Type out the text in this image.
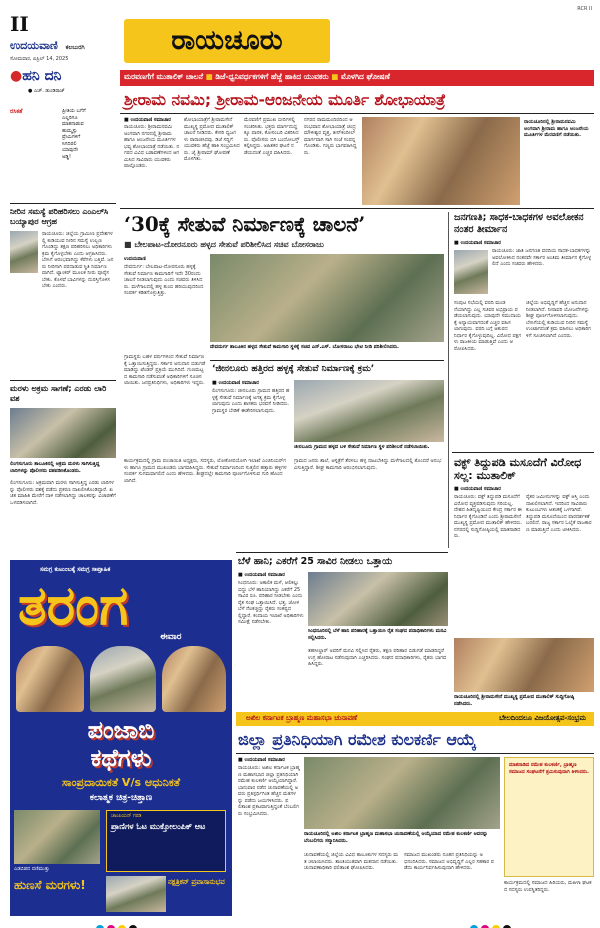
II
ಉದಯವಾಣಿ ಕಲಬುರಗಿ
ಸೋಮವಾರ, ಏಪ್ರಿಲ್ 14, 2025
ರಾಯಚೂರು
RCR II
●ಹನಿ ದನಿ
● ಎಚ್. ಡುಂಡಿರಾಜ್
ರಸಿಕತೆ	ಪ್ರೀತಿಯ ಬಗೆಗೆ
ಎಲ್ಲರಿಗೂ
ಮಾತನಾಡುವ
ಹುಮ್ಮಸ್ಸು
ಪ್ರೇಮಿಗಳಿಗೆ
ಸಿಗದಿರಲಿ
ಯಾವುದೇ
ಅಡ್ಡಿ!
ನೀರಿನ ಸಮಸ್ಯೆ ಪರಿಹರಿಸಲು ಎಂಎಲ್‌ಸಿ ಬಯ್ಯಾಪುರ ಆಗ್ರಹ
ರಾಯಚೂರು: ಜಿಲ್ಲೆಯ ಗ್ರಾಮೀಣ ಪ್ರದೇಶಗಳಲ್ಲಿ ಕುಡಿಯುವ ನೀರಿನ ಸಮಸ್ಯೆ ಉಲ್ಬಣಗೊಂಡಿದ್ದು ತಕ್ಷಣ ಪರಿಹರಿಸಲು ಅಧಿಕಾರಿಗಳು ಕ್ರಮ ಕೈಗೊಳ್ಳಬೇಕು ಎಂದು ಆಗ್ರಹಿಸಿದರು. ಬೇಸಿಗೆ ಆರಂಭವಾಗಿದ್ದು ಕೆರೆಗಳು ಬತ್ತಿವೆ. ಜನರು ನೀರಿಗಾಗಿ ಪರದಾಡುವ ಸ್ಥಿತಿ ನಿರ್ಮಾಣವಾಗಿದೆ. ಟ್ಯಾಂಕರ್ ಮೂಲಕ ನೀರು ಪೂರೈಸಬೇಕು. ಕೊಳವೆ ಬಾವಿಗಳನ್ನು ದುರಸ್ತಿಗೊಳಿಸಬೇಕು ಎಂದರು.
ಮರಳು ಅಕ್ರಮ ಸಾಗಣೆ; ಎರಡು ಲಾರಿ ವಶ
ಲಿಂಗಸುಗೂರು ತಾಲೂಕಿನಲ್ಲಿ ಅಕ್ರಮ ಮರಳು ಸಾಗಿಸುತ್ತಿದ್ದ ಲಾರಿಗಳನ್ನು ಪೊಲೀಸರು ವಶಪಡಿಸಿಕೊಂಡರು.
ಲಿಂಗಸುಗೂರು: ಅಕ್ರಮವಾಗಿ ಮರಳು ಸಾಗಿಸುತ್ತಿದ್ದ ಎರಡು ಲಾರಿಗಳನ್ನು ಪೊಲೀಸರು ವಶಕ್ಕೆ ಪಡೆದು ಪ್ರಕರಣ ದಾಖಲಿಸಿಕೊಂಡಿದ್ದಾರೆ. ಖಚಿತ ಮಾಹಿತಿ ಮೇರೆಗೆ ದಾಳಿ ನಡೆಸಲಾಗಿದ್ದು ಚಾಲಕರನ್ನು ವಿಚಾರಣೆಗೆ ಒಳಪಡಿಸಲಾಗಿದೆ.
ಮರವಣಗೆಗೆ ಮುತಾಲಿಕ್ ಚಾಲನೆ ■ ಡಿಜೆ-ಧ್ವನಿವರ್ಧಕಗಳಿಗೆ ಹೆಜ್ಜೆ ಹಾಕಿದ ಯುವಕರು ■ ಮೊಳಗಿದ ಘೋಷಣೆ
ಶ್ರೀರಾಮ ನವಮಿ; ಶ್ರೀರಾಮ-ಆಂಜನೇಯ ಮೂರ್ತಿ ಶೋಭಾಯಾತ್ರೆ
■ ಉದಯವಾಣಿ ಸಮಾಚಾರ
ರಾಯಚೂರು: ಶ್ರೀರಾಮನವಮಿ ಅಂಗವಾಗಿ ನಗರದಲ್ಲಿ ಶ್ರೀರಾಮ ಹಾಗೂ ಆಂಜನೇಯ ಮೂರ್ತಿಗಳ ಭವ್ಯ ಶೋಭಾಯಾತ್ರೆ ನಡೆಯಿತು. ನಗರದ ವಿವಿಧ ಬಡಾವಣೆಗಳಿಂದ ಆಗಮಿಸಿದ ಸಾವಿರಾರು ಯುವಕರು ಪಾಲ್ಗೊಂಡರು.
ಶೋಭಾಯಾತ್ರೆಗೆ ಶ್ರೀರಾಮಸೇನೆ ಮುಖ್ಯಸ್ಥ ಪ್ರಮೋದ ಮುತಾಲಿಕ್ ಚಾಲನೆ ನೀಡಿದರು. ಕೇಸರಿ ಧ್ವಜಗಳು ರಾರಾಜಿಸಿದವು. ಡಿಜೆ ಸದ್ದಿಗೆ ಯುವಕರು ಹೆಜ್ಜೆ ಹಾಕಿ ಸಂಭ್ರಮಿಸಿದರು. ಜೈ ಶ್ರೀರಾಮ್ ಘೋಷಣೆ ಮೊಳಗಿತು.
ಮೆರವಣಿಗೆ ಪ್ರಮುಖ ಬೀದಿಗಳಲ್ಲಿ ಸಂಚರಿಸಿತು. ಭಕ್ತರು ಮಾರ್ಗದುದ್ದಕ್ಕೂ ಪಾನಕ, ಕೋಸಂಬರಿ ವಿತರಿಸಿದರು. ಪೊಲೀಸರು ಬಿಗಿ ಬಂದೋಬಸ್ತ್ ಕಲ್ಪಿಸಿದ್ದರು. ಅಹಿತಕರ ಘಟನೆ ನಡೆಯದಂತೆ ಎಚ್ಚರ ವಹಿಸಿದರು.
ನಗರದ ರಾಮಮಂದಿರದಿಂದ ಆರಂಭವಾದ ಶೋಭಾಯಾತ್ರೆ ಚಂದ್ರಮೌಳೀಶ್ವರ ವೃತ್ತ, ತೀನ್‌ಕಂದೀಲ್ ಮಾರ್ಗವಾಗಿ ಸಾಗಿ ಸಂಜೆ ಸಂಪನ್ನಗೊಂಡಿತು. ಗಣ್ಯರು ಭಾಗವಹಿಸಿದ್ದರು.
ರಾಯಚೂರಿನಲ್ಲಿ ಶ್ರೀರಾಮನವಮಿ ಅಂಗವಾಗಿ ಶ್ರೀರಾಮ ಹಾಗೂ ಆಂಜನೇಯ ಮೂರ್ತಿಗಳ ಮೆರವಣಿಗೆ ನಡೆಯಿತು.
‘30ಕ್ಕೆ ಸೇತುವೆ ನಿರ್ಮಾಣಕ್ಕೆ ಚಾಲನೆ’
■ ಬೇಲಪಾಟ-ದೋರನೂರು ಹಳ್ಳದ ಸೇತುವೆ ಪರಿಶೀಲಿಸಿದ ಸಚಿವ ಬೋಸರಾಜು
ಉದಯವಾಣಿ
ದೇವದುರ್ಗ: ಬೇಲಪಾಟ-ದೋರನೂರು ಹಳ್ಳಕ್ಕೆ ಸೇತುವೆ ನಿರ್ಮಾಣ ಕಾಮಗಾರಿಗೆ ಇದೇ 30ರಂದು ಚಾಲನೆ ನೀಡಲಾಗುವುದು ಎಂದು ಸಚಿವರು ತಿಳಿಸಿದರು. ಮಳೆಗಾಲದಲ್ಲಿ ಹಳ್ಳ ತುಂಬಿ ಹರಿಯುವುದರಿಂದ ಸಂಪರ್ಕ ಕಡಿತಗೊಳ್ಳುತ್ತಿತ್ತು.
ದೇವದುರ್ಗ ತಾಲೂಕಿನ ಹಳ್ಳದ ಸೇತುವೆ ಕಾಮಗಾರಿ ಸ್ಥಳಕ್ಕೆ ಸಚಿವ ಎನ್.ಎಸ್. ಬೋಸರಾಜು ಭೇಟಿ ನೀಡಿ ಪರಿಶೀಲಿಸಿದರು.
ಗ್ರಾಮಸ್ಥರು ಬಹಳ ವರ್ಷಗಳಿಂದ ಸೇತುವೆ ನಿರ್ಮಾಣಕ್ಕೆ ಒತ್ತಾಯಿಸುತ್ತಿದ್ದರು. ಸರ್ಕಾರ ಅನುದಾನ ಬಿಡುಗಡೆ ಮಾಡಿದ್ದು ಟೆಂಡರ್ ಪ್ರಕ್ರಿಯೆ ಮುಗಿದಿದೆ. ಗುಣಮಟ್ಟದ ಕಾಮಗಾರಿ ನಡೆಸುವಂತೆ ಅಧಿಕಾರಿಗಳಿಗೆ ಸೂಚಿಸಲಾಯಿತು. ಜನಪ್ರತಿನಿಧಿಗಳು, ಅಧಿಕಾರಿಗಳು ಇದ್ದರು.
‘ಜೀನಲೂರು ಹತ್ತಿರದ ಹಳ್ಳಕ್ಕೆ ಸೇತುವೆ ನಿರ್ಮಾಣಕ್ಕೆ ಕ್ರಮ’
■ ಉದಯವಾಣಿ ಸಮಾಚಾರ
ಲಿಂಗಸುಗೂರು: ಜೀನಲೂರು ಗ್ರಾಮದ ಹತ್ತಿರದ ಹಳ್ಳಕ್ಕೆ ಸೇತುವೆ ನಿರ್ಮಾಣಕ್ಕೆ ಅಗತ್ಯ ಕ್ರಮ ಕೈಗೊಳ್ಳಲಾಗುವುದು ಎಂದು ಶಾಸಕರು ಭರವಸೆ ನೀಡಿದರು. ಗ್ರಾಮಸ್ಥರ ಬೇಡಿಕೆ ಈಡೇರಿಸಲಾಗುವುದು.
ಜೀನಲೂರು ಗ್ರಾಮದ ಹಳ್ಳದ ಬಳಿ ಸೇತುವೆ ನಿರ್ಮಾಣ ಸ್ಥಳ ಪರಿಶೀಲನೆ ನಡೆಸಲಾಯಿತು.
ಗ್ರಾಮದ ಜನರು ಶಾಲೆ, ಆಸ್ಪತ್ರೆಗೆ ತೆರಳಲು ಹಳ್ಳ ದಾಟಬೇಕಿದ್ದು ಮಳೆಗಾಲದಲ್ಲಿ ತೊಂದರೆ ಅನುಭವಿಸುತ್ತಿದ್ದಾರೆ. ಶೀಘ್ರ ಕಾಮಗಾರಿ ಆರಂಭಿಸಲಾಗುವುದು.
ಕಾರ್ಯಕ್ರಮದಲ್ಲಿ ಗ್ರಾಮ ಪಂಚಾಯಿತಿ ಅಧ್ಯಕ್ಷರು, ಸದಸ್ಯರು, ಲೋಕೋಪಯೋಗಿ ಇಲಾಖೆ ಎಂಜಿನಿಯರ್‌ಗಳು ಹಾಗೂ ಗ್ರಾಮದ ಮುಖಂಡರು ಭಾಗವಹಿಸಿದ್ದರು. ಸೇತುವೆ ನಿರ್ಮಾಣದಿಂದ ಸುತ್ತಲಿನ ಹತ್ತಾರು ಹಳ್ಳಿಗಳ ಸಂಪರ್ಕ ಸುಗಮವಾಗಲಿದೆ ಎಂದು ಹೇಳಿದರು. ಶೀಘ್ರದಲ್ಲೇ ಕಾಮಗಾರಿ ಪೂರ್ಣಗೊಳಿಸುವ ಗುರಿ ಹೊಂದಲಾಗಿದೆ.
ಜನಗಣತಿ; ಸಾಧಕ-ಬಾಧಕಗಳ ಅವಲೋಕನ ನಂತರ ತೀರ್ಮಾನ
■ ಉದಯವಾಣಿ ಸಮಾಚಾರ
ರಾಯಚೂರು: ಜಾತಿ ಜನಗಣತಿ ವರದಿಯ ಸಾಧಕ-ಬಾಧಕಗಳನ್ನು ಅವಲೋಕಿಸಿದ ನಂತರವೇ ಸರ್ಕಾರ ಅಂತಿಮ ತೀರ್ಮಾನ ಕೈಗೊಳ್ಳಲಿದೆ ಎಂದು ಸಚಿವರು ಹೇಳಿದರು.
ಸಂಪುಟ ಸಭೆಯಲ್ಲಿ ವರದಿ ಮಂಡನೆಯಾಗಿದ್ದು ಎಲ್ಲ ಸಚಿವರ ಅಭಿಪ್ರಾಯ ಪಡೆಯಲಾಗುವುದು. ಯಾವುದೇ ಸಮುದಾಯಕ್ಕೆ ಅನ್ಯಾಯವಾಗದಂತೆ ಎಚ್ಚರ ವಹಿಸಲಾಗುವುದು. ವರದಿ ಬಗ್ಗೆ ಆತುರದ ನಿರ್ಧಾರ ಕೈಗೊಳ್ಳುವುದಿಲ್ಲ. ವಿರೋಧ ಪಕ್ಷಗಳು ರಾಜಕೀಯ ಮಾಡುತ್ತಿವೆ ಎಂದು ಆರೋಪಿಸಿದರು.
ಜಿಲ್ಲೆಯ ಅಭಿವೃದ್ಧಿಗೆ ಹೆಚ್ಚಿನ ಅನುದಾನ ನೀಡಲಾಗಿದೆ. ನೀರಾವರಿ ಯೋಜನೆಗಳನ್ನು ಶೀಘ್ರ ಪೂರ್ಣಗೊಳಿಸಲಾಗುವುದು. ಬೇಸಿಗೆಯಲ್ಲಿ ಕುಡಿಯುವ ನೀರಿನ ಸಮಸ್ಯೆ ಉಂಟಾಗದಂತೆ ಕ್ರಮ ವಹಿಸಲು ಅಧಿಕಾರಿಗಳಿಗೆ ಸೂಚಿಸಲಾಗಿದೆ ಎಂದರು.
ವಕ್ಫ್ ತಿದ್ದುಪಡಿ ಮಸೂದೆಗೆ ವಿರೋಧ ಸಲ್ಲ: ಮುತಾಲಿಕ್
■ ಉದಯವಾಣಿ ಸಮಾಚಾರ
ರಾಯಚೂರು: ವಕ್ಫ್ ತಿದ್ದುಪಡಿ ಮಸೂದೆಗೆ ವಿರೋಧ ವ್ಯಕ್ತಪಡಿಸುವುದು ಸರಿಯಲ್ಲ. ದೇಶದ ಹಿತದೃಷ್ಟಿಯಿಂದ ಕೇಂದ್ರ ಸರ್ಕಾರ ಈ ನಿರ್ಧಾರ ಕೈಗೊಂಡಿದೆ ಎಂದು ಶ್ರೀರಾಮಸೇನೆ ಮುಖ್ಯಸ್ಥ ಪ್ರಮೋದ ಮುತಾಲಿಕ್ ಹೇಳಿದರು. ನಗರದಲ್ಲಿ ಸುದ್ದಿಗೋಷ್ಠಿಯಲ್ಲಿ ಮಾತನಾಡಿದರು.
ರೈತರ ಜಮೀನುಗಳನ್ನು ವಕ್ಫ್ ಆಸ್ತಿ ಎಂದು ದಾಖಲಿಸಲಾಗಿದೆ. ಇದರಿಂದ ಸಾವಿರಾರು ಕುಟುಂಬಗಳು ಆತಂಕಕ್ಕೆ ಒಳಗಾಗಿವೆ. ತಿದ್ದುಪಡಿ ಮಸೂದೆಯಿಂದ ಪಾರದರ್ಶಕತೆ ಬರಲಿದೆ. ರಾಜ್ಯ ಸರ್ಕಾರ ಓಲೈಕೆ ರಾಜಕಾರಣ ಮಾಡುತ್ತಿದೆ ಎಂದು ಟೀಕಿಸಿದರು.
ರಾಯಚೂರಿನಲ್ಲಿ ಶ್ರೀರಾಮಸೇನೆ ಮುಖ್ಯಸ್ಥ ಪ್ರಮೋದ ಮುತಾಲಿಕ್ ಸುದ್ದಿಗೋಷ್ಠಿ ನಡೆಸಿದರು.
ಬೆಳೆ ಹಾನಿ; ಎಕರೆಗೆ 25 ಸಾವಿರ ನೀಡಲು ಒತ್ತಾಯ
■ ಉದಯವಾಣಿ ಸಮಾಚಾರ
ಸಿಂಧನೂರು: ಅಕಾಲಿಕ ಮಳೆ, ಆಲಿಕಲ್ಲು ಬಿದ್ದು ಬೆಳೆ ಹಾನಿಯಾಗಿದ್ದು ಎಕರೆಗೆ 25 ಸಾವಿರ ರೂ. ಪರಿಹಾರ ನೀಡಬೇಕು ಎಂದು ರೈತ ಸಂಘ ಒತ್ತಾಯಿಸಿದೆ. ಭತ್ತ, ಜೋಳ ಬೆಳೆ ನೆಲಕಚ್ಚಿದ್ದು ರೈತರು ಸಂಕಷ್ಟದಲ್ಲಿದ್ದಾರೆ. ಕಂದಾಯ ಇಲಾಖೆ ಅಧಿಕಾರಿಗಳು ಸಮೀಕ್ಷೆ ನಡೆಸಬೇಕು.
ಸಿಂಧನೂರಿನಲ್ಲಿ ಬೆಳೆ ಹಾನಿ ಪರಿಹಾರಕ್ಕೆ ಒತ್ತಾಯಿಸಿ ರೈತ ಸಂಘದ ಪದಾಧಿಕಾರಿಗಳು ಮನವಿ ಸಲ್ಲಿಸಿದರು.
ತಹಸೀಲ್ದಾರ್ ಅವರಿಗೆ ಮನವಿ ಸಲ್ಲಿಸಿದ ರೈತರು, ತಕ್ಷಣ ಪರಿಹಾರ ಬಿಡುಗಡೆ ಮಾಡದಿದ್ದರೆ ಉಗ್ರ ಹೋರಾಟ ನಡೆಸುವುದಾಗಿ ಎಚ್ಚರಿಸಿದರು. ಸಂಘದ ಪದಾಧಿಕಾರಿಗಳು, ರೈತರು ಭಾಗವಹಿಸಿದ್ದರು.
ಸಮಗ್ರ ಕುಟುಂಬಕ್ಕೆ ಸಮಗ್ರ ಸಾಪ್ತಾಹಿಕ
ತರಂಗ	ಈವಾರ
ಪಂಜಾಬಿ
ಕಥೆಗಳು
ಸಾಂಪ್ರದಾಯಿಕತೆ V/s ಆಧುನಿಕತೆ
ಕಲಾತ್ಮಕ ಚಿತ್ರ-ಚಿತ್ತಾಣ
ಎಡಬಿಡದ ದಣಿಮುತ್ತು
ಹುಣಸೆ ಮರಗಳು!
ಚಾಂಪಿಯನ್ ಗರಡಿ
ಪ್ರಾಣಿಗಳ ಓಟ ಮುಕ್ತೋಲಂಪಿಕ್ ಆಟ
ನಕ್ಷತ್ರಿಕನ್ ಪ್ರವಾಸಾನುಭವ
ಅಖಿಲ ಕರ್ನಾಟಕ ಬ್ರಾಹ್ಮಣ ಮಹಾಸಭಾ ಚುನಾವಣೆ	ಬೇಲದಿಂದಲೂ ವಿಜಯೋತ್ಸವ-ಸಂಭ್ರಮ
ಜಿಲ್ಲಾ ಪ್ರತಿನಿಧಿಯಾಗಿ ರಮೇಶ ಕುಲಕರ್ಣಿ ಆಯ್ಕೆ
■ ಉದಯವಾಣಿ ಸಮಾಚಾರ
ರಾಯಚೂರು: ಅಖಿಲ ಕರ್ನಾಟಕ ಬ್ರಾಹ್ಮಣ ಮಹಾಸಭಾದ ಜಿಲ್ಲಾ ಪ್ರತಿನಿಧಿಯಾಗಿ ರಮೇಶ ಕುಲಕರ್ಣಿ ಆಯ್ಕೆಯಾಗಿದ್ದಾರೆ. ಭಾನುವಾರ ನಡೆದ ಚುನಾವಣೆಯಲ್ಲಿ ಅವರು ಪ್ರತಿಸ್ಪರ್ಧಿಗಿಂತ ಹೆಚ್ಚಿನ ಮತಗಳನ್ನು ಪಡೆದು ಜಯಗಳಿಸಿದರು. ಫಲಿತಾಂಶ ಪ್ರಕಟವಾಗುತ್ತಿದ್ದಂತೆ ಬೆಂಬಲಿಗರು ಸಂಭ್ರಮಿಸಿದರು.
ರಾಯಚೂರಿನಲ್ಲಿ ಅಖಿಲ ಕರ್ನಾಟಕ ಬ್ರಾಹ್ಮಣ ಮಹಾಸಭಾ ಚುನಾವಣೆಯಲ್ಲಿ ಆಯ್ಕೆಯಾದ ರಮೇಶ ಕುಲಕರ್ಣಿ ಅವರನ್ನು ಬೆಂಬಲಿಗರು ಸನ್ಮಾನಿಸಿದರು.
ಚುನಾವಣೆಯಲ್ಲಿ ಜಿಲ್ಲೆಯ ವಿವಿಧ ತಾಲೂಕುಗಳ ಸದಸ್ಯರು ಮತ ಚಲಾಯಿಸಿದರು. ಶಾಂತಿಯುತವಾಗಿ ಮತದಾನ ನಡೆಯಿತು. ಚುನಾವಣಾಧಿಕಾರಿ ಫಲಿತಾಂಶ ಘೋಷಿಸಿದರು.
ಸಮಾಜದ ಮುಖಂಡರು ನೂತನ ಪ್ರತಿನಿಧಿಯನ್ನು ಅಭಿನಂದಿಸಿದರು. ಸಮಾಜದ ಅಭಿವೃದ್ಧಿಗೆ ಎಲ್ಲರ ಸಹಕಾರ ಪಡೆದು ಕಾರ್ಯನಿರ್ವಹಿಸುವುದಾಗಿ ಹೇಳಿದರು.
ಮಾತನಾಡಿದ ರಮೇಶ ಕುಲಕರ್ಣಿ, ಬ್ರಾಹ್ಮಣ ಸಮಾಜದ ಸಂಘಟನೆಗೆ ಶ್ರಮಿಸುವುದಾಗಿ ತಿಳಿಸಿದರು.
ಕಾರ್ಯಕ್ರಮದಲ್ಲಿ ಸಮಾಜದ ಹಿರಿಯರು, ಮಹಿಳಾ ಘಟಕದ ಸದಸ್ಯರು ಉಪಸ್ಥಿತರಿದ್ದರು.
